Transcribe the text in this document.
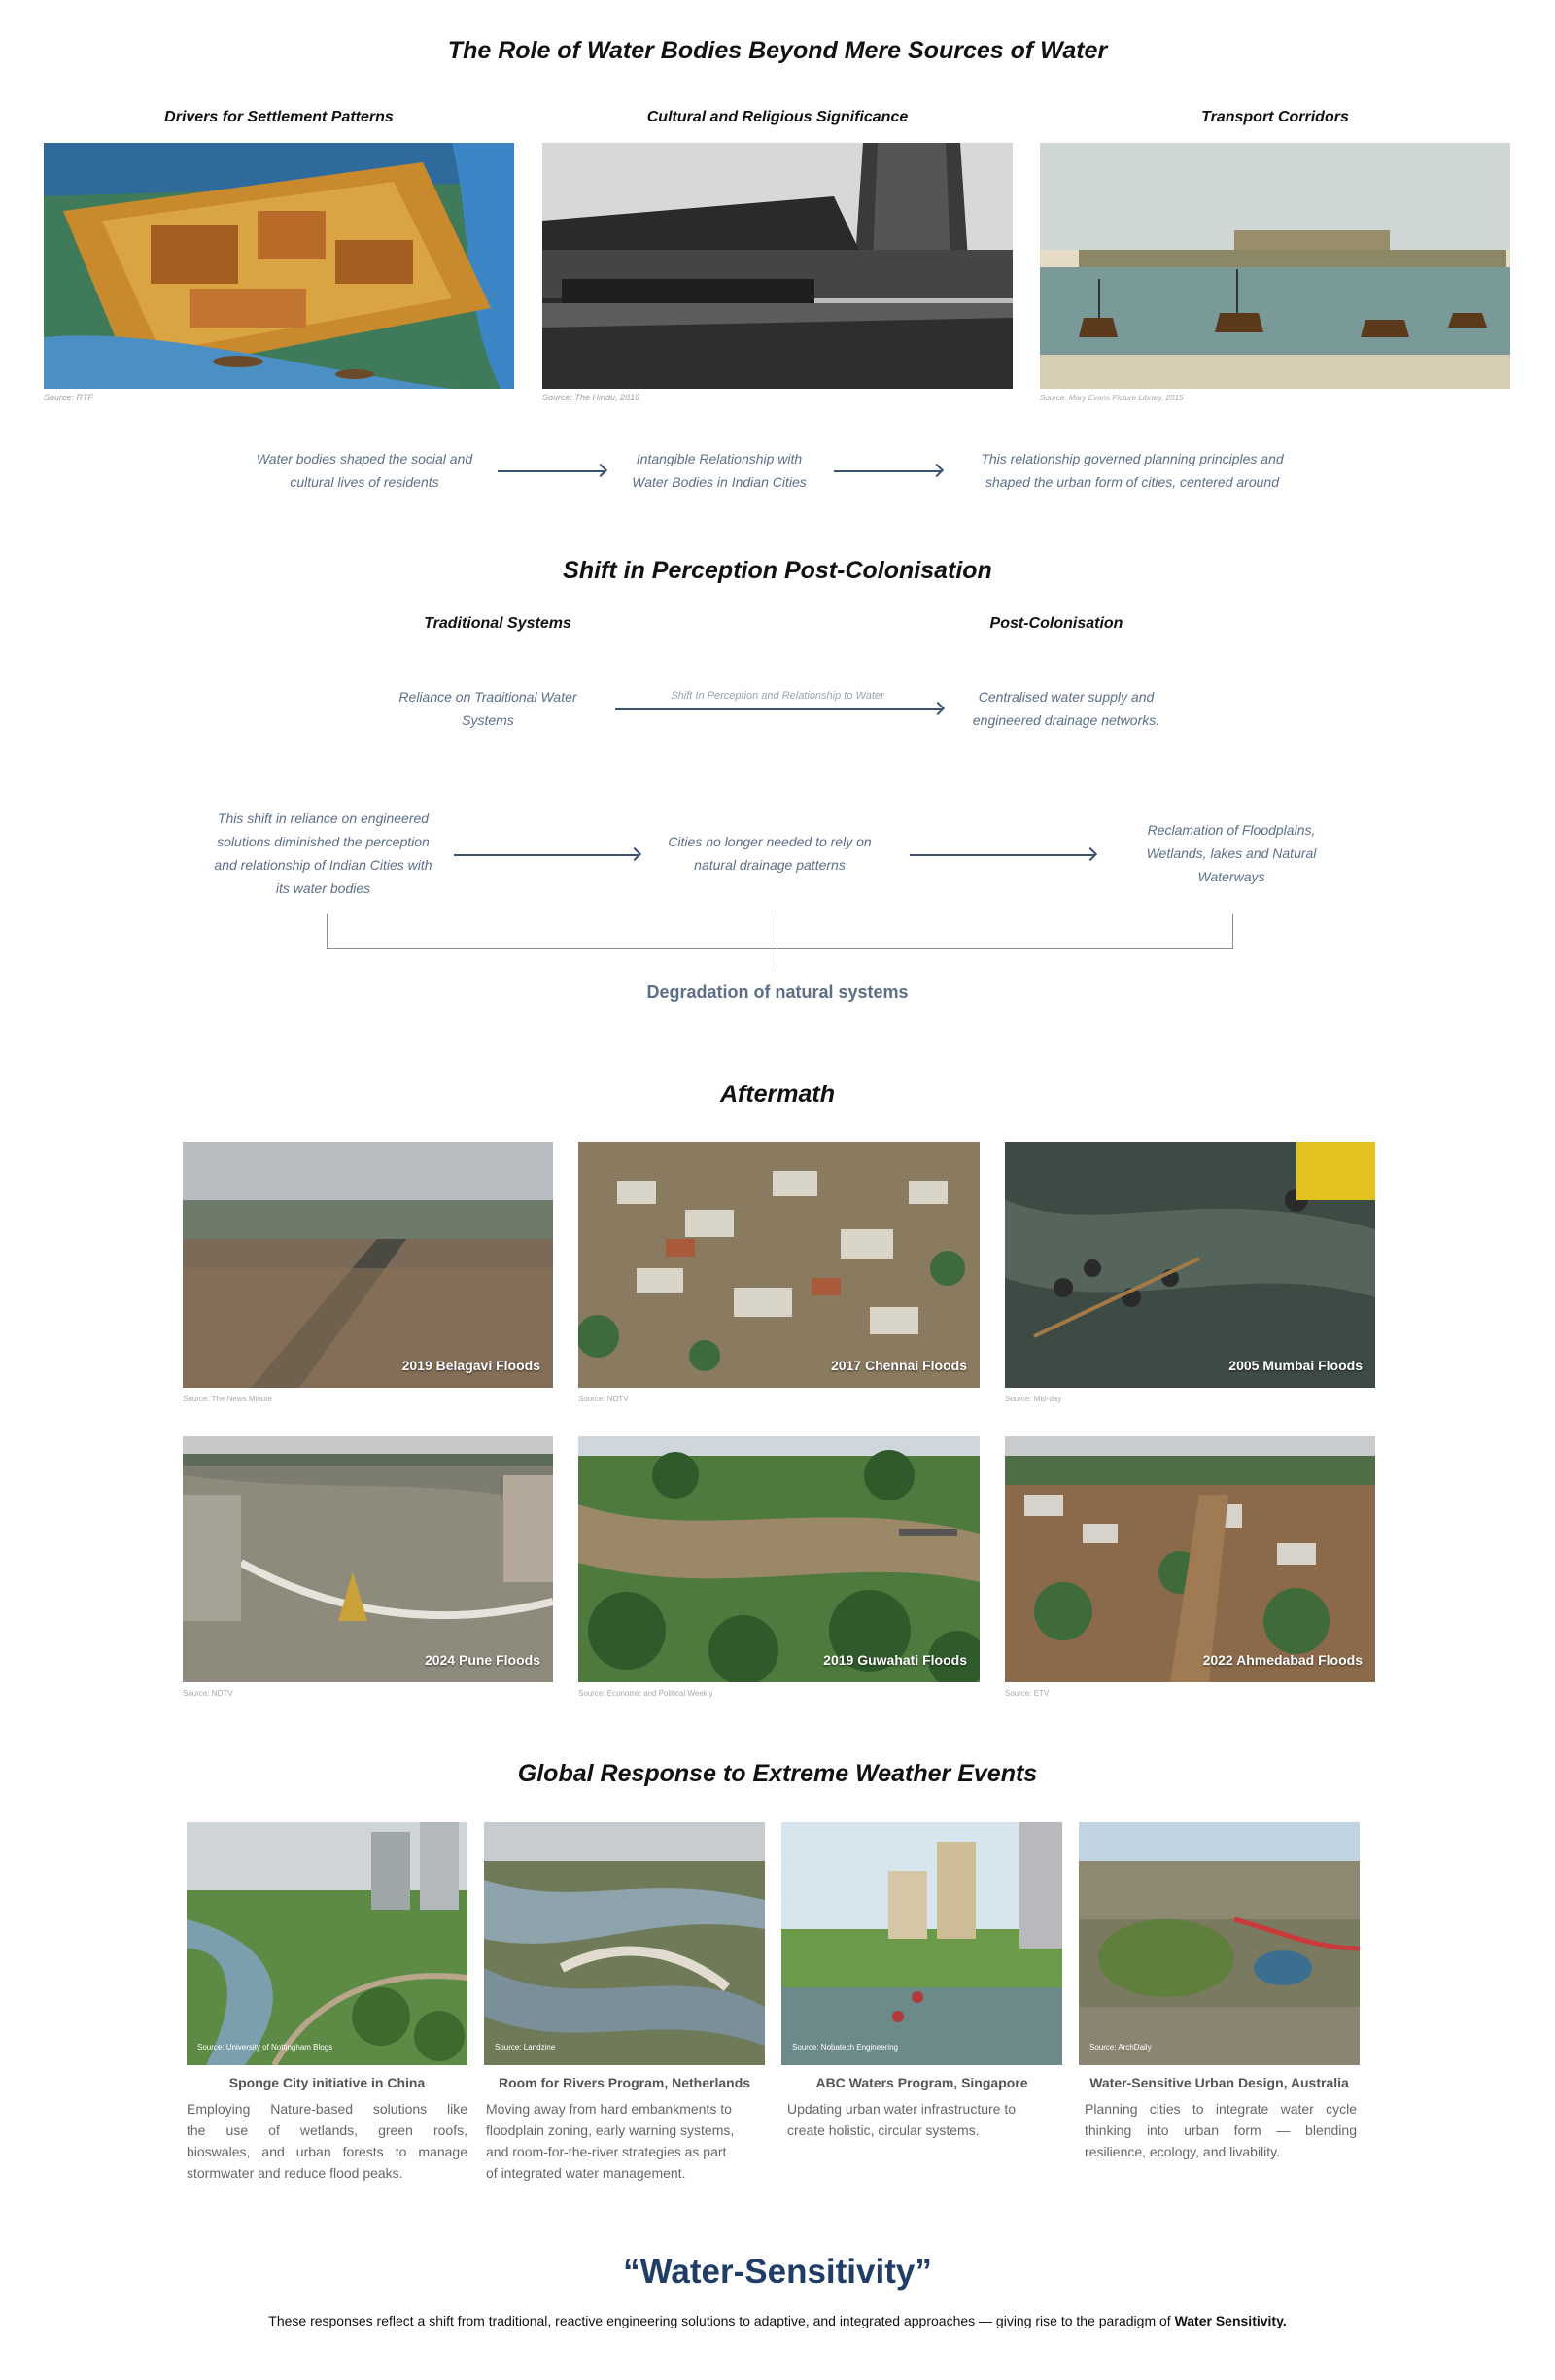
The Role of Water Bodies Beyond Mere Sources of Water
Drivers for Settlement Patterns	Cultural and Religious Significance	Transport Corridors
Source: RTF	Source: The Hindu, 2016	Source: Mary Evans Picture Library, 2015
Water bodies shaped the social and
cultural lives of residents
Intangible Relationship with
Water Bodies in Indian Cities
This relationship governed planning principles and
shaped the urban form of cities, centered around
Shift in Perception Post-Colonisation
Traditional Systems	Post-Colonisation
Reliance on Traditional Water
Systems
Shift In Perception and Relationship to Water	Centralised water supply and
engineered drainage networks.
This shift in reliance on engineered
solutions diminished the perception
and relationship of Indian Cities with
its water bodies
Cities no longer needed to rely on
natural drainage patterns
Reclamation of Floodplains,
Wetlands, lakes and Natural
Waterways
Degradation of natural systems
Aftermath
2019 Belagavi Floods
Source: The News Minute
2017 Chennai Floods
Source: NDTV
2005 Mumbai Floods
Source: Mid-day
2024 Pune Floods
Source: NDTV
2019 Guwahati Floods
Source: Economic and Political Weekly
2022 Ahmedabad Floods
Source: ETV
Global Response to Extreme Weather Events
Source: University of Nottingham Blogs
Sponge City initiative in China
Employing Nature-based solutions like
the use of wetlands, green roofs,
bioswales, and urban forests to manage
stormwater and reduce flood peaks.
Source: Landzine
Room for Rivers Program, Netherlands
Moving away from hard embankments to
floodplain zoning, early warning systems,
and room-for-the-river strategies as part
of integrated water management.
Source: Nobatech Engineering
ABC Waters Program, Singapore
Updating urban water infrastructure to
create holistic, circular systems.
Source: ArchDaily
Water-Sensitive Urban Design, Australia
Planning cities to integrate water cycle
thinking into urban form — blending
resilience, ecology, and livability.
“Water-Sensitivity”
These responses reflect a shift from traditional, reactive engineering solutions to adaptive, and integrated approaches — giving rise to the paradigm of Water Sensitivity.
